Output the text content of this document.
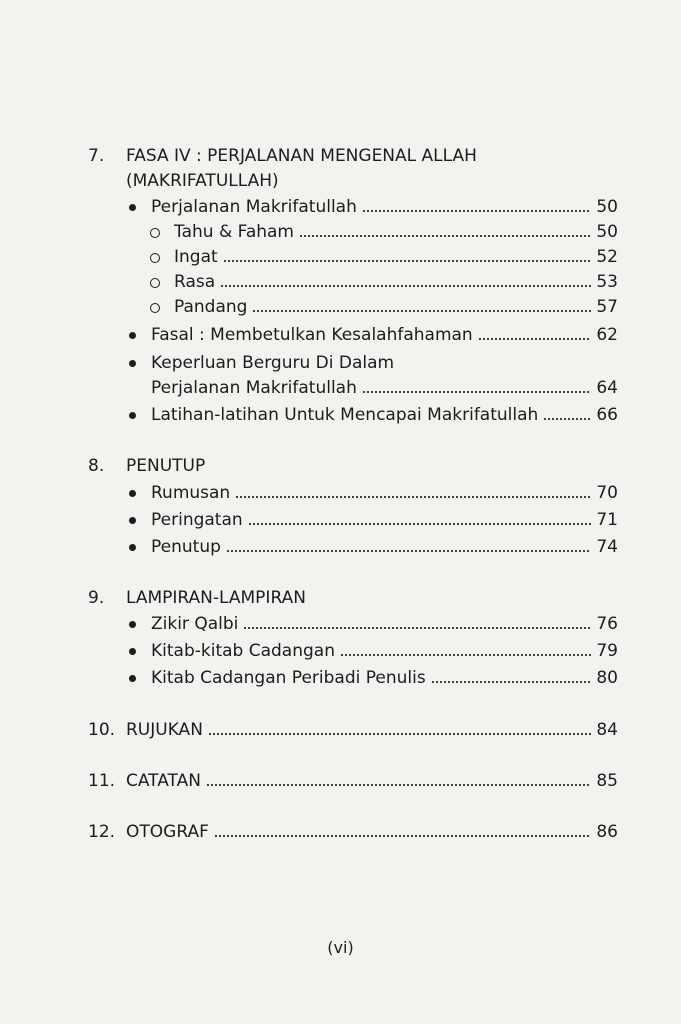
7. FASA IV : PERJALANAN MENGENAL ALLAH
(MAKRIFATULLAH)
Perjalanan Makrifatullah	50
Tahu & Faham	50
Ingat	52
Rasa	53
Pandang	57
Fasal : Membetulkan Kesalahfahaman	62
Keperluan Berguru Di Dalam
Perjalanan Makrifatullah	64
Latihan-latihan Untuk Mencapai Makrifatullah	66
8. PENUTUP
Rumusan	70
Peringatan	71
Penutup	74
9. LAMPIRAN-LAMPIRAN
Zikir Qalbi	76
Kitab-kitab Cadangan	79
Kitab Cadangan Peribadi Penulis	80
10. RUJUKAN	84
11. CATATAN	85
12. OTOGRAF	86
(vi)
